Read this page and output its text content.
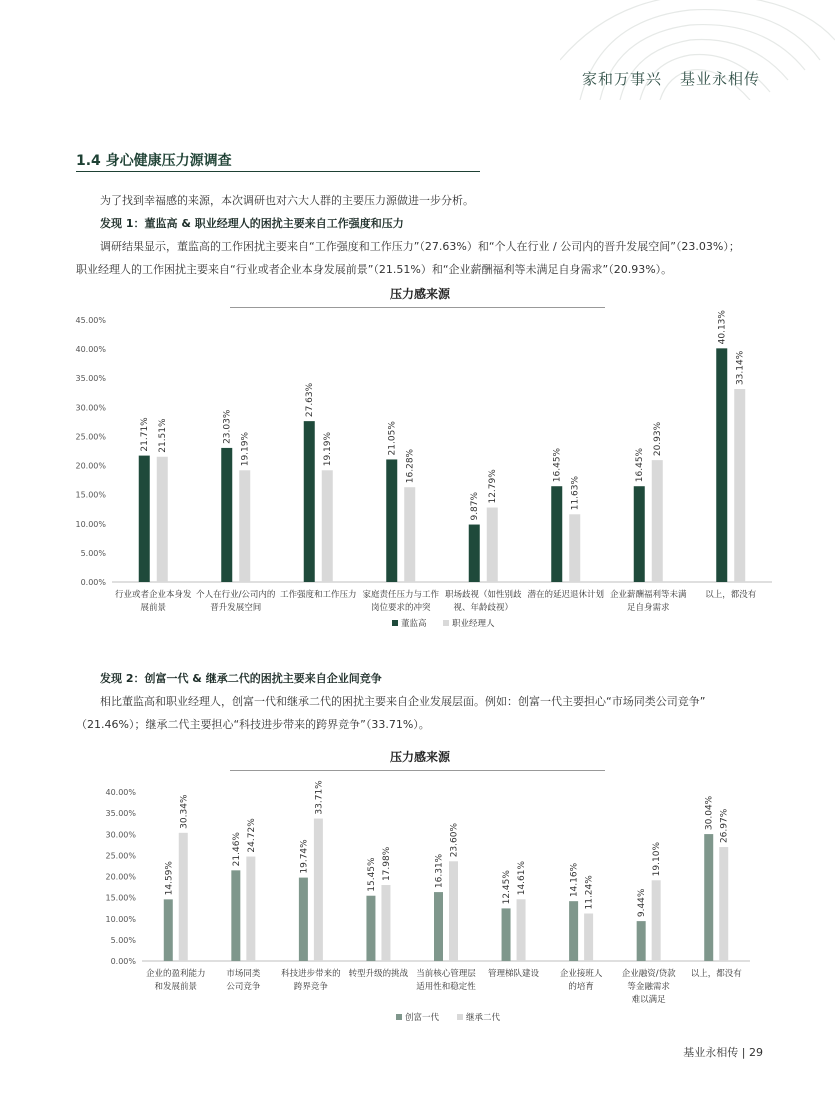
家和万事兴 基业永相传
1.4 身心健康压力源调查
为了找到幸福感的来源，本次调研也对六大人群的主要压力源做进一步分析。
发现 1：董监高 & 职业经理人的困扰主要来自工作强度和压力
调研结果显示，董监高的工作困扰主要来自“工作强度和工作压力”（27.63%）和“个人在行业 / 公司内的晋升发展空间”（23.03%）；
职业经理人的工作困扰主要来自“行业或者企业本身发展前景”（21.51%）和“企业薪酬福利等未满足自身需求”（20.93%）。
压力感来源
0.00%
5.00%
10.00%
15.00%
20.00%
25.00%
30.00%
35.00%
40.00%
45.00%
21.71% 21.51%
行业或者企业本身发
展前景
23.03%
19.19%
个人在行业/公司内的
晋升发展空间
27.63%
19.19%
工作强度和工作压力
21.05%
16.28%
家庭责任压力与工作
岗位要求的冲突
9.87%
12.79%
职场歧视（如性别歧
视、年龄歧视）
16.45%
11.63%
潜在的延迟退休计划
16.45%
20.93%
企业薪酬福利等未满
足自身需求
40.13%
33.14%
以上，都没有
董监高	职业经理人
发现 2：创富一代 & 继承二代的困扰主要来自企业间竞争
相比董监高和职业经理人，创富一代和继承二代的困扰主要来自企业发展层面。例如：创富一代主要担心“市场同类公司竞争”
（21.46%）；继承二代主要担心“科技进步带来的跨界竞争”（33.71%）。
压力感来源
0.00%
5.00%
10.00%
15.00%
20.00%
25.00%
30.00%
35.00%
40.00%
14.59%
30.34%
企业的盈利能力
和发展前景
21.46% 24.72%
市场同类
公司竞争
19.74%
33.71%
科技进步带来的
跨界竞争
15.45% 17.98%
转型升级的挑战
16.31%
23.60%
当前核心管理层
适用性和稳定性
12.45% 14.61%
管理梯队建设
14.16% 11.24%
企业接班人
的培育
9.44%
19.10%
企业融资/贷款
等金融需求
难以满足
30.04% 26.97%
以上，都没有
创富一代	继承二代
基业永相传 | 29
